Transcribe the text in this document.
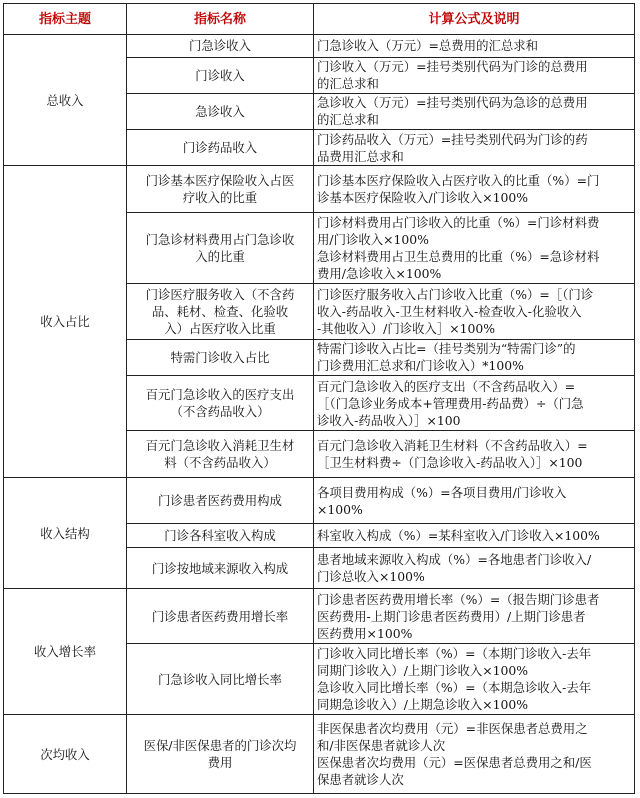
指标主题	指标名称	计算公式及说明
总收入	门急诊收入	门急诊收入（万元）=总费用的汇总求和

	门诊收入	门诊收入（万元）=挂号类别代码为门诊的总费用
的汇总求和

	急诊收入	急诊收入（万元）=挂号类别代码为急诊的总费用
的汇总求和

	门诊药品收入	门诊药品收入（万元）=挂号类别代码为门诊的药
品费用汇总求和

收入占比	门诊基本医疗保险收入占医
疗收入的比重	门诊基本医疗保险收入占医疗收入的比重（%）=门
诊基本医疗保险收入/门诊收入×100%

	门急诊材料费用占门急诊收
入的比重	门诊材料费用占门诊收入的比重（%）=门诊材料费
用/门诊收入×100%
急诊材料费用占卫生总费用的比重（%）=急诊材料
费用/急诊收入×100%

	门诊医疗服务收入（不含药
品、耗材、检查、化验收
入）占医疗收入比重	门诊医疗服务收入占门诊收入比重（%）=［（门诊
收入-药品收入-卫生材料收入-检查收入-化验收入
-其他收入）/门诊收入］×100%

	特需门诊收入占比	特需门诊收入占比=（挂号类别为“特需门诊”的
门诊费用汇总求和/门诊收入）*100%

	百元门急诊收入的医疗支出
（不含药品收入）	百元门急诊收入的医疗支出（不含药品收入）=
［（门急诊业务成本+管理费用-药品费）÷（门急
诊收入-药品收入）］×100

	百元门急诊收入消耗卫生材
料（不含药品收入）	百元门急诊收入消耗卫生材料（不含药品收入）=
［卫生材料费÷（门急诊收入-药品收入）］×100

收入结构	门诊患者医药费用构成	各项目费用构成（%）=各项目费用/门诊收入
×100%

	门诊各科室收入构成	科室收入构成（%）=某科室收入/门诊收入×100%

	门诊按地域来源收入构成	患者地域来源收入构成（%）=各地患者门诊收入/
门诊总收入×100%

收入增长率	门诊患者医药费用增长率	门诊患者医药费用增长率（%）=（报告期门诊患者
医药费用-上期门诊患者医药费用）/上期门诊患者
医药费用×100%

	门急诊收入同比增长率	门诊收入同比增长率（%）=（本期门诊收入-去年
同期门诊收入）/上期门诊收入×100%
急诊收入同比增长率（%）=（本期急诊收入-去年
同期急诊收入）/上期急诊收入×100%

次均收入	医保/非医保患者的门诊次均
费用	非医保患者次均费用（元）=非医保患者总费用之
和/非医保患者就诊人次
医保患者次均费用（元）=医保患者总费用之和/医
保患者就诊人次
